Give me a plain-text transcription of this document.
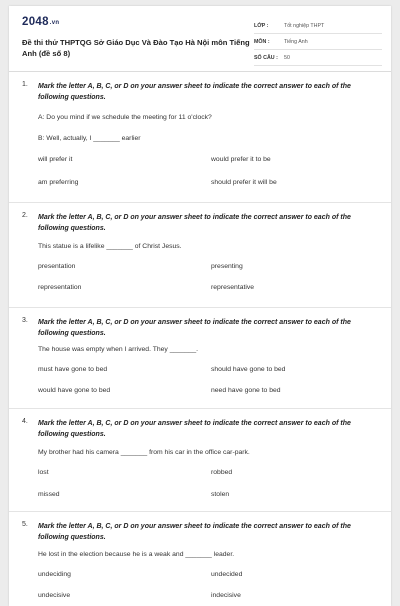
2048.vn
Đề thi thử THPTQG Sở Giáo Dục Và Đào Tạo Hà Nội môn Tiếng Anh (đề số 8)
LỚP :	Tốt nghiệp THPT
MÔN :	Tiếng Anh
SỐ CÂU :	50
1. Mark the letter A, B, C, or D on your answer sheet to indicate the correct answer to each of the following questions.
A: Do you mind if we schedule the meeting for 11 o'clock?
B: Well, actually, I _______ earlier
will prefer it	would prefer it to be
am preferring	should prefer it will be
2. Mark the letter A, B, C, or D on your answer sheet to indicate the correct answer to each of the following questions.
This statue is a lifelike _______ of Christ Jesus.
presentation	presenting
representation	representative
3. Mark the letter A, B, C, or D on your answer sheet to indicate the correct answer to each of the following questions.
The house was empty when I arrived. They _______.
must have gone to bed	should have gone to bed
would have gone to bed	need have gone to bed
4. Mark the letter A, B, C, or D on your answer sheet to indicate the correct answer to each of the following questions.
My brother had his camera _______ from his car in the office car-park.
lost	robbed
missed	stolen
5. Mark the letter A, B, C, or D on your answer sheet to indicate the correct answer to each of the following questions.
He lost in the election because he is a weak and _______ leader.
undeciding	undecided
undecisive	indecisive
